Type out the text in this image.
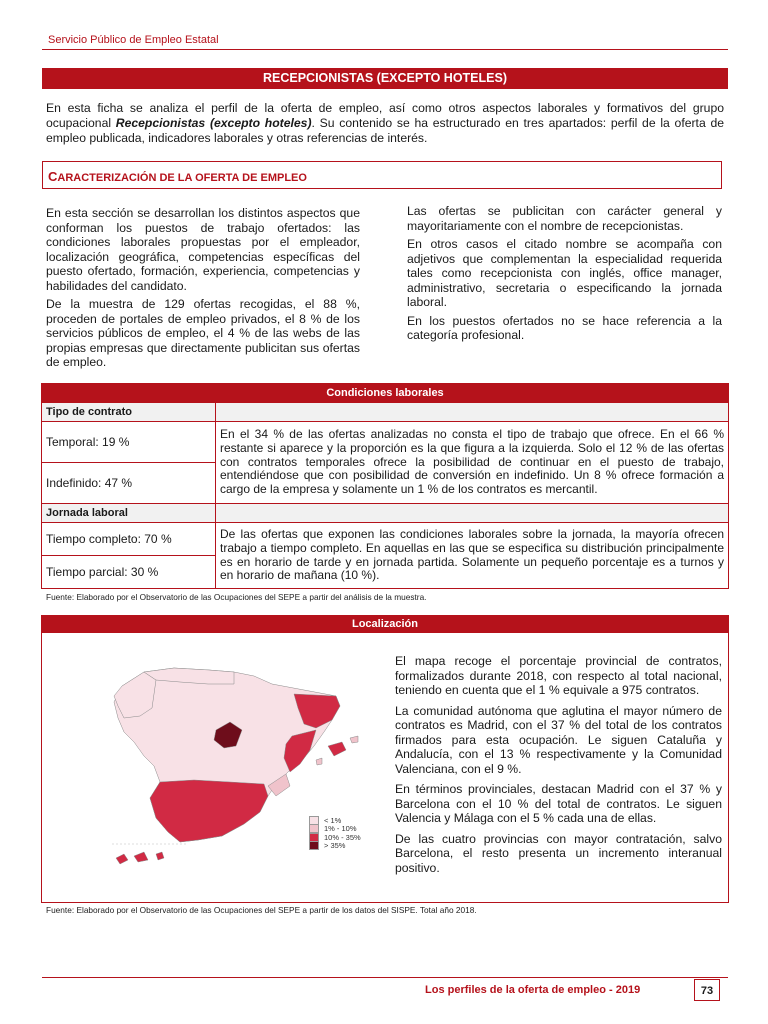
Servicio Público de Empleo Estatal
RECEPCIONISTAS (EXCEPTO HOTELES)
En esta ficha se analiza el perfil de la oferta de empleo, así como otros aspectos laborales y formativos del grupo ocupacional Recepcionistas (excepto hoteles). Su contenido se ha estructurado en tres apartados: perfil de la oferta de empleo publicada, indicadores laborales y otras referencias de interés.
CARACTERIZACIÓN DE LA OFERTA DE EMPLEO

En esta sección se desarrollan los distintos aspectos que conforman los puestos de trabajo ofertados: las condiciones laborales propuestas por el empleador, localización geográfica, competencias específicas del puesto ofertado, formación, experiencia, competencias y habilidades del candidato.

De la muestra de 129 ofertas recogidas, el 88 %, proceden de portales de empleo privados, el 8 % de los servicios públicos de empleo, el 4 % de las webs de las propias empresas que directamente publicitan sus ofertas de empleo.

Las ofertas se publicitan con carácter general y mayoritariamente con el nombre de recepcionistas.

En otros casos el citado nombre se acompaña con adjetivos que complementan la especialidad requerida tales como recepcionista con inglés, office manager, administrativo, secretaria o especificando la jornada laboral.

En los puestos ofertados no se hace referencia a la categoría profesional.

Condiciones laborales	
Tipo de contrato	
Temporal: 19 %	En el 34 % de las ofertas analizadas no consta el tipo de trabajo que ofrece. En el 66 % restante si aparece y la proporción es la que figura a la izquierda. Solo el 12 % de las ofertas con contratos temporales ofrece la posibilidad de continuar en el puesto de trabajo, entendiéndose que con posibilidad de conversión en indefinido. Un 8 % ofrece formación a cargo de la empresa y solamente un 1 % de los contratos es mercantil.
Indefinido: 47 %	
Jornada laboral	
Tiempo completo: 70 %	De las ofertas que exponen las condiciones laborales sobre la jornada, la mayoría ofrecen trabajo a tiempo completo. En aquellas en las que se especifica su distribución principalmente es en horario de tarde y en jornada partida. Solamente un pequeño porcentaje es a turnos y en horario de mañana (10 %).
Tiempo parcial: 30 %	
Fuente: Elaborado por el Observatorio de las Ocupaciones del SEPE a partir del análisis de la muestra.
Localización
< 1%
1% - 10%
10% - 35%
> 35%

El mapa recoge el porcentaje provincial de contratos, formalizados durante 2018, con respecto al total nacional, teniendo en cuenta que el 1 % equivale a 975 contratos.

La comunidad autónoma que aglutina el mayor número de contratos es Madrid, con el 37 % del total de los contratos firmados para esta ocupación. Le siguen Cataluña y Andalucía, con el 13 % respectivamente y la Comunidad Valenciana, con el 9 %.

En términos provinciales, destacan Madrid con el 37 % y Barcelona con el 10 % del total de contratos. Le siguen Valencia y Málaga con el 5 % cada una de ellas.

De las cuatro provincias con mayor contratación, salvo Barcelona, el resto presenta un incremento interanual positivo.

Fuente: Elaborado por el Observatorio de las Ocupaciones del SEPE a partir de los datos del SISPE. Total año 2018.
Los perfiles de la oferta de empleo - 2019	73
